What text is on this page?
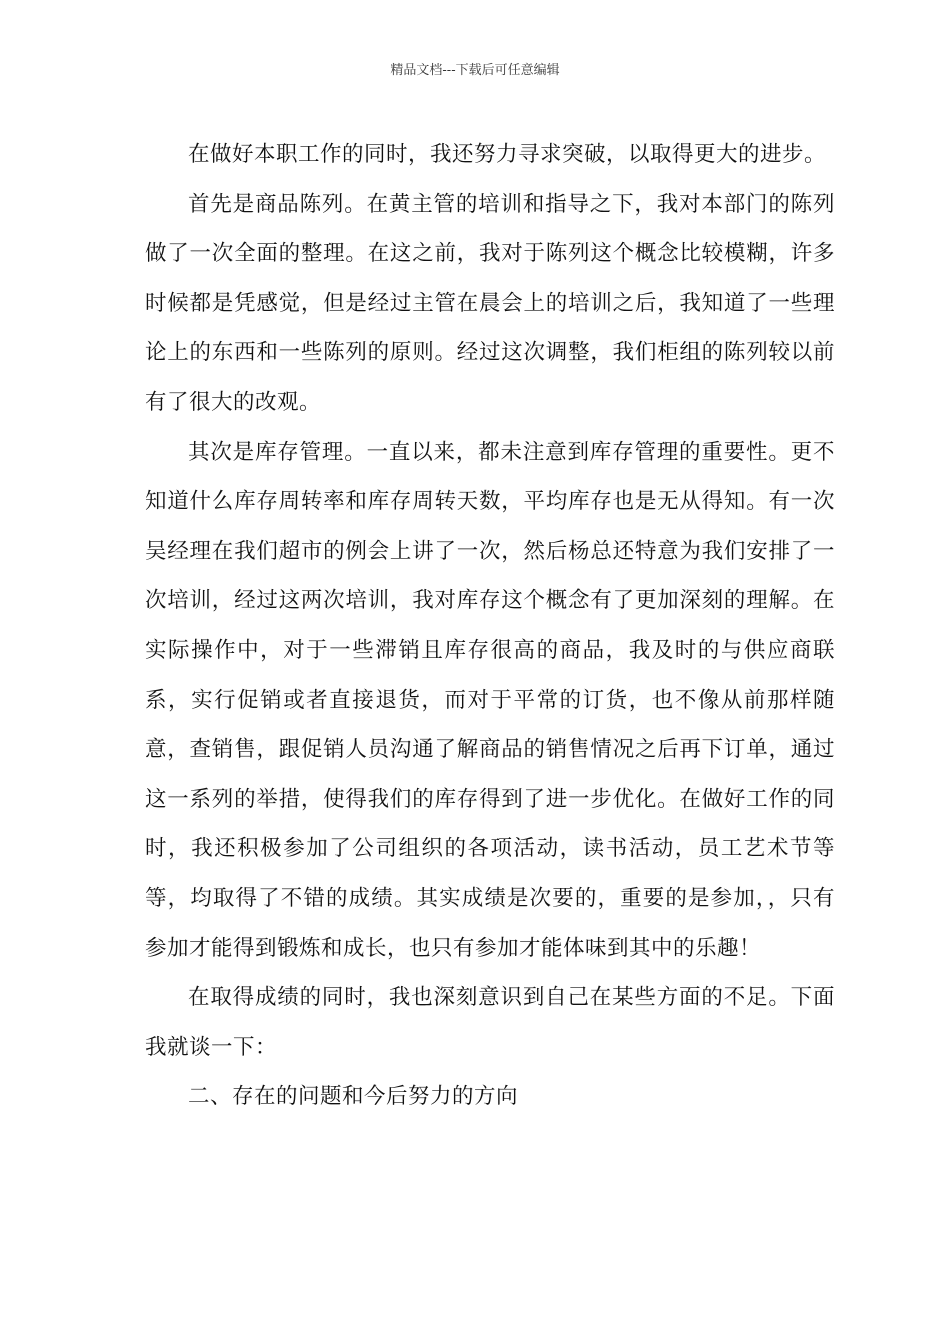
精品文档---下载后可任意编辑

在做好本职工作的同时，我还努力寻求突破，以取得更大的进步。

首先是商品陈列。在黄主管的培训和指导之下，我对本部门的陈列做了一次全面的整理。在这之前，我对于陈列这个概念比较模糊，许多时候都是凭感觉，但是经过主管在晨会上的培训之后，我知道了一些理论上的东西和一些陈列的原则。经过这次调整，我们柜组的陈列较以前有了很大的改观。

其次是库存管理。一直以来，都未注意到库存管理的重要性。更不知道什么库存周转率和库存周转天数，平均库存也是无从得知。有一次吴经理在我们超市的例会上讲了一次，然后杨总还特意为我们安排了一次培训，经过这两次培训，我对库存这个概念有了更加深刻的理解。在实际操作中，对于一些滞销且库存很高的商品，我及时的与供应商联系，实行促销或者直接退货，而对于平常的订货，也不像从前那样随意，查销售，跟促销人员沟通了解商品的销售情况之后再下订单，通过这一系列的举措，使得我们的库存得到了进一步优化。在做好工作的同时，我还积极参加了公司组织的各项活动，读书活动，员工艺术节等等，均取得了不错的成绩。其实成绩是次要的，重要的是参加，，只有参加才能得到锻炼和成长，也只有参加才能体味到其中的乐趣！

在取得成绩的同时，我也深刻意识到自己在某些方面的不足。下面我就谈一下：

二、存在的问题和今后努力的方向
